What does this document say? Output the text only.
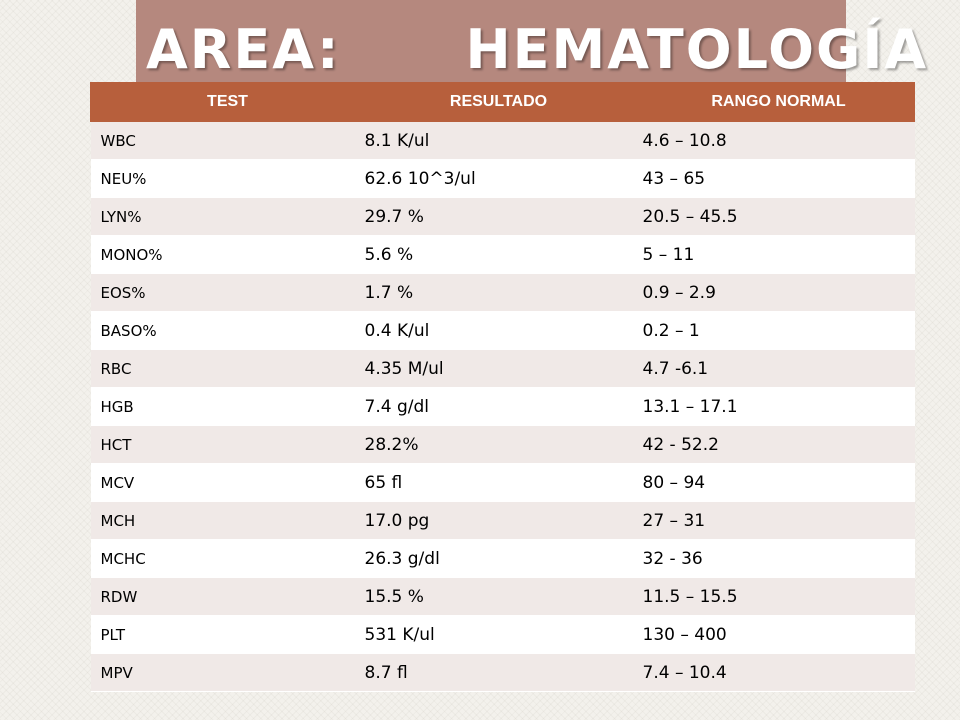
AREA:      HEMATOLOGÍA
TEST	RESULTADO	RANGO NORMAL
WBC	8.1 K/ul	4.6 – 10.8
NEU%	62.6 10^3/ul	43 – 65
LYN%	29.7 %	20.5 – 45.5
MONO%	5.6 %	5 – 11
EOS%	1.7 %	0.9 – 2.9
BASO%	0.4 K/ul	0.2 – 1
RBC	4.35 M/ul	4.7 -6.1
HGB	7.4 g/dl	13.1 – 17.1
HCT	28.2%	42 - 52.2
MCV	65 fl	80 – 94
MCH	17.0 pg	27 – 31
MCHC	26.3 g/dl	32 - 36
RDW	15.5 %	11.5 – 15.5
PLT	531 K/ul	130 – 400
MPV	8.7 fl	7.4 – 10.4
